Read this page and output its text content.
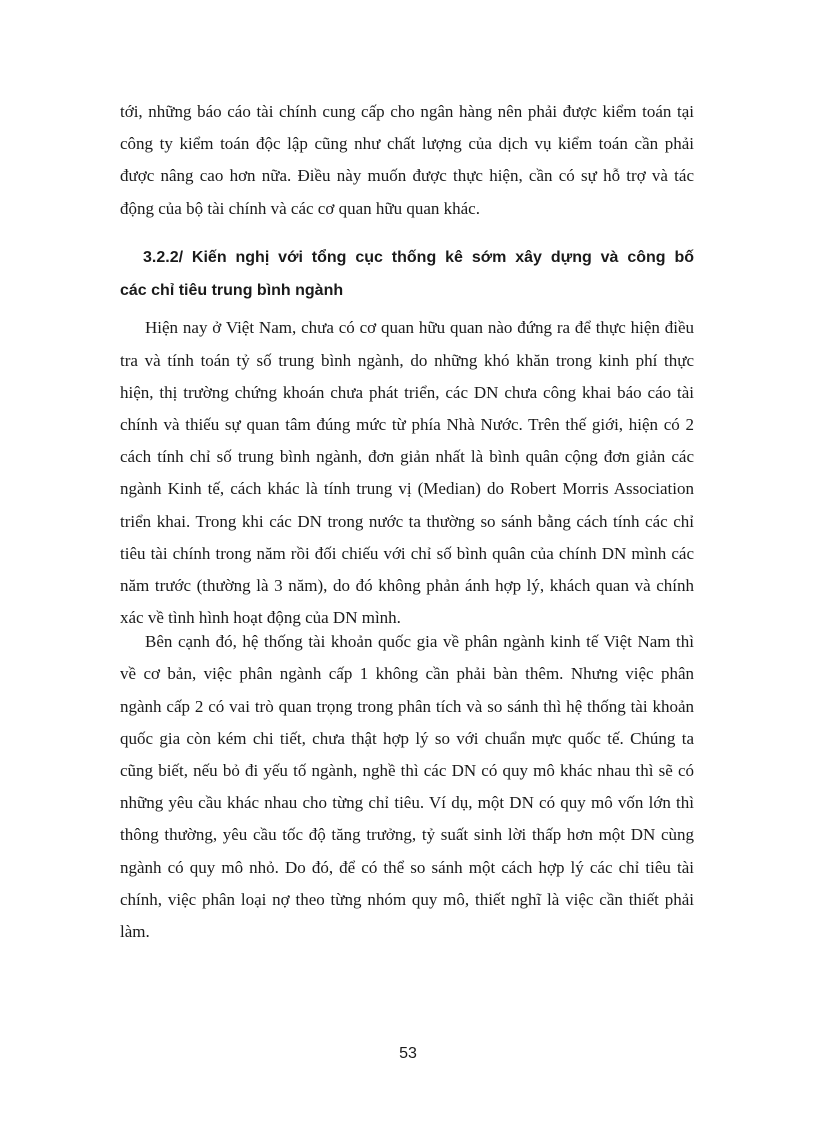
tới, những báo cáo tài chính cung cấp cho ngân hàng nên phải được kiểm toán tại
công ty kiểm toán độc lập cũng như chất lượng của dịch vụ kiểm toán cần phải
được nâng cao hơn nữa. Điều này muốn được thực hiện, cần có sự hỗ trợ và tác
động của bộ tài chính và các cơ quan hữu quan khác.
3.2.2/ Kiến nghị với tổng cục thống kê sớm xây dựng và công bố
các chỉ tiêu trung bình ngành
Hiện nay ở Việt Nam, chưa có cơ quan hữu quan nào đứng ra để thực hiện điều
tra và tính toán tỷ số trung bình ngành, do những khó khăn trong kinh phí thực
hiện, thị trường chứng khoán chưa phát triển, các DN chưa công khai báo cáo tài
chính và thiếu sự quan tâm đúng mức từ phía Nhà Nước. Trên thế giới, hiện có 2
cách tính chỉ số trung bình ngành, đơn giản nhất là bình quân cộng đơn giản các
ngành Kinh tế, cách khác là tính trung vị (Median) do Robert Morris Association
triển khai. Trong khi các DN trong nước ta thường so sánh bằng cách tính các chỉ
tiêu tài chính trong năm rồi đối chiếu với chỉ số bình quân của chính DN mình các
năm trước (thường là 3 năm), do đó không phản ánh hợp lý, khách quan và chính
xác về tình hình hoạt động của DN mình.
Bên cạnh đó, hệ thống tài khoản quốc gia về phân ngành kinh tế Việt Nam thì
về cơ bản, việc phân ngành cấp 1 không cần phải bàn thêm. Nhưng việc phân
ngành cấp 2 có vai trò quan trọng trong phân tích và so sánh thì hệ thống tài khoản
quốc gia còn kém chi tiết, chưa thật hợp lý so với chuẩn mực quốc tế. Chúng ta
cũng biết, nếu bỏ đi yếu tố ngành, nghề thì các DN có quy mô khác nhau thì sẽ có
những yêu cầu khác nhau cho từng chỉ tiêu. Ví dụ, một DN có quy mô vốn lớn thì
thông thường, yêu cầu tốc độ tăng trưởng, tỷ suất sinh lời thấp hơn một DN cùng
ngành có quy mô nhỏ. Do đó, để có thể so sánh một cách hợp lý các chỉ tiêu tài
chính, việc phân loại nợ theo từng nhóm quy mô, thiết nghĩ là việc cần thiết phải
làm.
53
